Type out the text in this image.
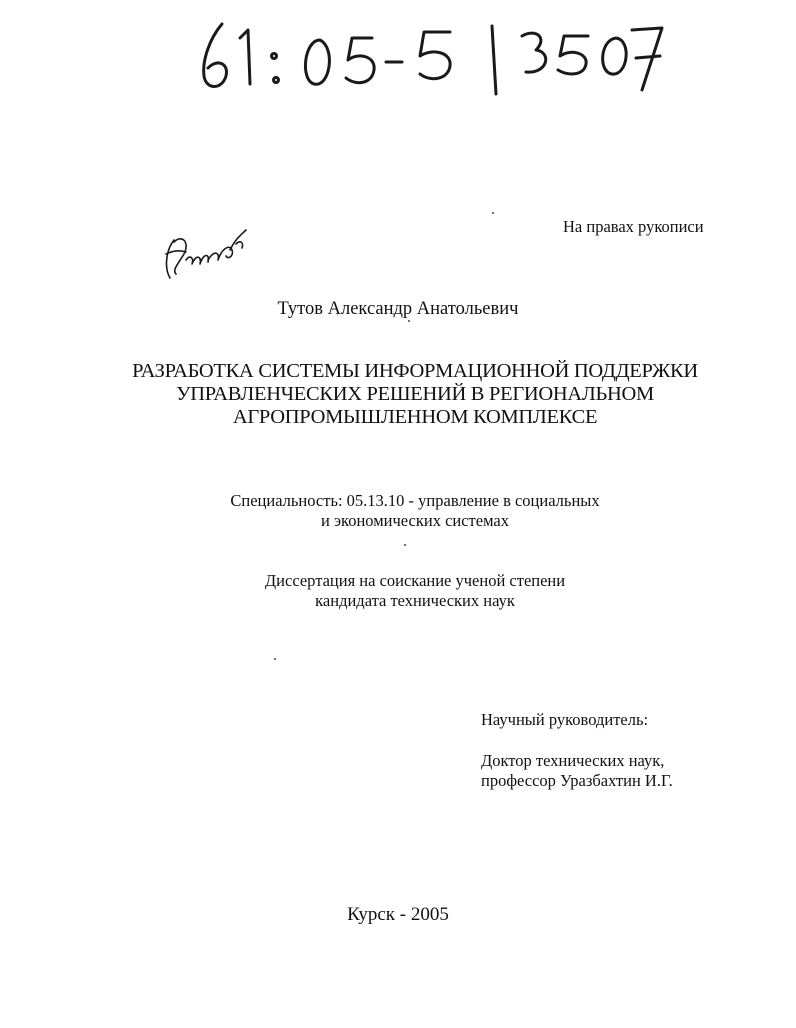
На правах рукописи
Тутов Александр Анатольевич
РАЗРАБОТКА СИСТЕМЫ ИНФОРМАЦИОННОЙ ПОДДЕРЖКИ
УПРАВЛЕНЧЕСКИХ РЕШЕНИЙ В РЕГИОНАЛЬНОМ
АГРОПРОМЫШЛЕННОМ КОМПЛЕКСЕ
Специальность: 05.13.10 - управление в социальных
и экономических системах
Диссертация на соискание ученой степени
кандидата технических наук
Научный руководитель:
Доктор технических наук,
профессор Уразбахтин И.Г.
Курск - 2005
